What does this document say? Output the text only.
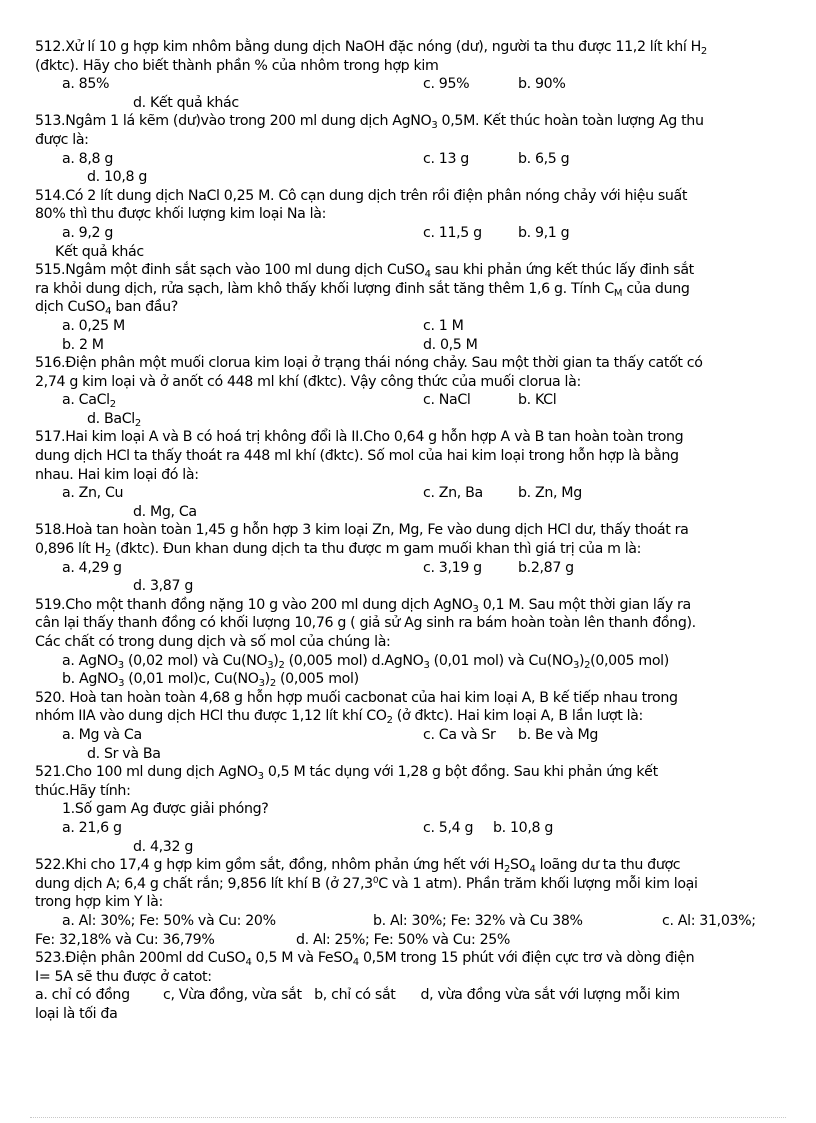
512.Xử lí 10 g hợp kim nhôm bằng dung dịch NaOH đặc nóng (dư), người ta thu được 11,2 lít khí $H_2$
(đktc). Hãy cho biết thành phần % của nhôm trong hợp kim
a. 85%	c. 95%	b. 90%
d. Kết quả khác
513.Ngâm 1 lá kẽm (dư)vào trong 200 ml dung dịch AgNO$_3$ 0,5M. Kết thúc hoàn toàn lượng Ag thu
được là:
a. 8,8 g	c. 13 g	b. 6,5 g
d. 10,8 g
514.Có 2 lít dung dịch NaCl 0,25 M. Cô cạn dung dịch trên rồi điện phân nóng chảy với hiệu suất
80% thì thu được khối lượng kim loại Na là:
a. 9,2 g	c. 11,5 g	b. 9,1 g
Kết quả khác
515.Ngâm một đinh sắt sạch vào 100 ml dung dịch CuSO$_4$ sau khi phản ứng kết thúc lấy đinh sắt
ra khỏi dung dịch, rửa sạch, làm khô thấy khối lượng đinh sắt tăng thêm 1,6 g. Tính $C_M$ của dung
dịch CuSO$_4$ ban đầu?
a. 0,25 M	c. 1 M
b. 2 M	d. 0,5 M
516.Điện phân một muối clorua kim loại ở trạng thái nóng chảy. Sau một thời gian ta thấy catốt có
2,74 g kim loại và ở anốt có 448 ml khí (đktc). Vậy công thức của muối clorua là:
a. CaCl$_2$	c. NaCl	b. KCl
d. BaCl$_2$
517.Hai kim loại A và B có hoá trị không đổi là II.Cho 0,64 g hỗn hợp A và B tan hoàn toàn trong
dung dịch HCl ta thấy thoát ra 448 ml khí (đktc). Số mol của hai kim loại trong hỗn hợp là bằng
nhau. Hai kim loại đó là:
a. Zn, Cu	c. Zn, Ba b. Zn, Mg
d. Mg, Ca
518.Hoà tan hoàn toàn 1,45 g hỗn hợp 3 kim loại Zn, Mg, Fe vào dung dịch HCl dư, thấy thoát ra
0,896 lít $H_2$ (đktc). Đun khan dung dịch ta thu được m gam muối khan thì giá trị của m là:
a. 4,29 g	c. 3,19 g	b.2,87 g
d. 3,87 g
519.Cho một thanh đồng nặng 10 g vào 200 ml dung dịch AgNO$_3$ 0,1 M. Sau một thời gian lấy ra
cân lại thấy thanh đồng có khối lượng 10,76 g ( giả sử Ag sinh ra bám hoàn toàn lên thanh đồng).
Các chất có trong dung dịch và số mol của chúng là:
a. AgNO$_3$ (0,02 mol) và $Cu(NO_3)_2$ (0,005 mol) d.AgNO$_3$ (0,01 mol) và $Cu(NO_3)_2(0,005$ mol)
b. AgNO$_3$ (0,01 mol)c, $Cu(NO_3)_2$ (0,005 mol)
520. Hoà tan hoàn toàn 4,68 g hỗn hợp muối cacbonat của hai kim loại A, B kế tiếp nhau trong
nhóm IIA vào dung dịch HCl thu được 1,12 lít khí $CO_2$ (ở đktc). Hai kim loại A, B lần lượt là:
a. Mg và Ca	c. Ca và Sr b. Be và Mg
d. Sr và Ba
521.Cho 100 ml dung dịch AgNO$_3$ 0,5 M tác dụng với 1,28 g bột đồng. Sau khi phản ứng kết
thúc.Hãy tính:
1.Số gam Ag được giải phóng?
a. 21,6 g	c. 5,4 g b. 10,8 g
d. 4,32 g
522.Khi cho 17,4 g hợp kim gồm sắt, đồng, nhôm phản ứng hết với $H_2SO_4$ loãng dư ta thu được
dung dịch A; 6,4 g chất rắn; 9,856 lít khí B (ở 27,3$^0$C và 1 atm). Phần trăm khối lượng mỗi kim loại
trong hợp kim Y là:
a. Al: 30%; Fe: 50% và Cu: 20%	b. Al: 30%; Fe: 32% và Cu 38%	c. Al: 31,03%;
Fe: 32,18% và Cu: 36,79%	d. Al: 25%; Fe: 50% và Cu: 25%
523.Điện phân 200ml dd CuSO$_4$ 0,5 M và FeSO$_4$ 0,5M trong 15 phút với điện cực trơ và dòng điện
I= 5A sẽ thu được ở catot:
a. chỉ có đồng        c, Vừa đồng, vừa sắt   b, chỉ có sắt      d, vừa đồng vừa sắt với lượng mỗi kim
loại là tối đa
